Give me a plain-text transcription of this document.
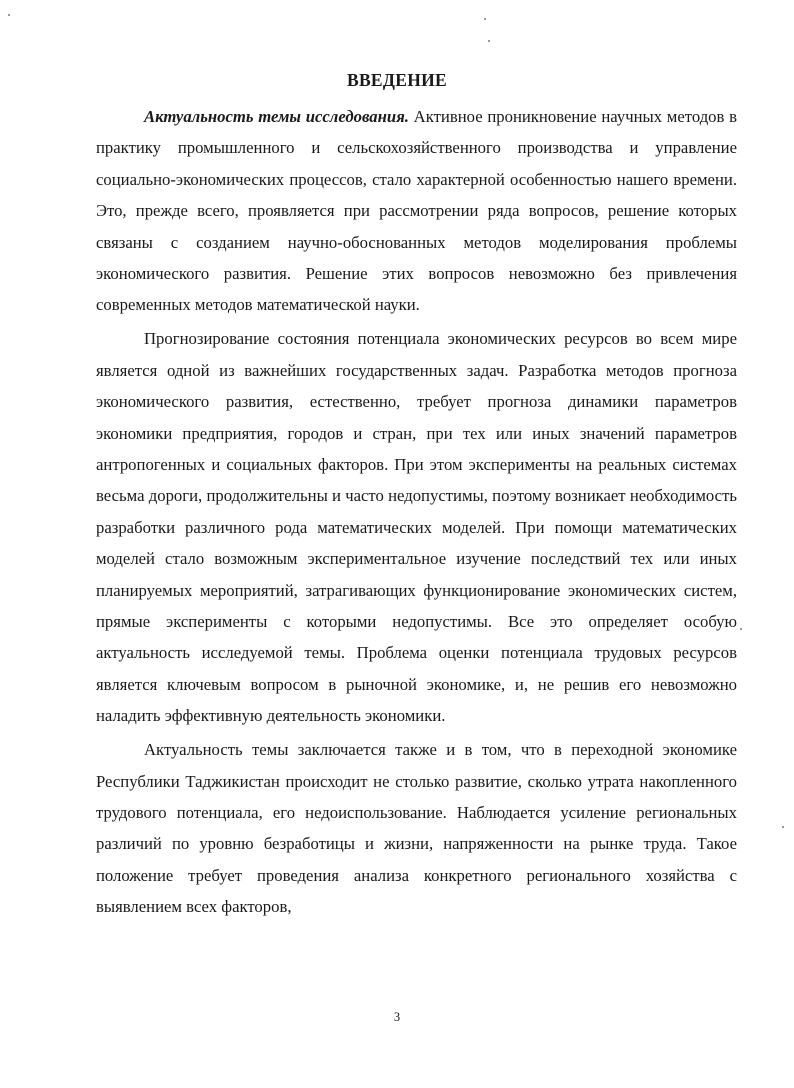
ВВЕДЕНИЕ

Актуальность темы исследования. Активное проникновение научных методов в практику промышленного и сельскохозяйственного производства и управление социально-экономических процессов, стало характерной особенностью нашего времени. Это, прежде всего, проявляется при рассмотрении ряда вопросов, решение которых связаны с созданием научно-обоснованных методов моделирования проблемы экономического развития. Решение этих вопросов невозможно без привлечения современных методов математической науки.

Прогнозирование состояния потенциала экономических ресурсов во всем мире является одной из важнейших государственных задач. Разработка методов прогноза экономического развития, естественно, требует прогноза динамики параметров экономики предприятия, городов и стран, при тех или иных значений параметров антропогенных и социальных факторов. При этом эксперименты на реальных системах весьма дороги, продолжительны и часто недопустимы, поэтому возникает необходимость разработки различного рода математических моделей. При помощи математических моделей стало возможным экспериментальное изучение последствий тех или иных планируемых мероприятий, затрагивающих функционирование экономических систем, прямые эксперименты с которыми недопустимы. Все это определяет особую актуальность исследуемой темы. Проблема оценки потенциала трудовых ресурсов является ключевым вопросом в рыночной экономике, и, не решив его невозможно наладить эффективную деятельность экономики.

Актуальность темы заключается также и в том, что в переходной экономике Республики Таджикистан происходит не столько развитие, сколько утрата накопленного трудового потенциала, его недоиспользование. Наблюдается усиление региональных различий по уровню безработицы и жизни, напряженности на рынке труда. Такое положение требует проведения анализа конкретного регионального хозяйства с выявлением всех факторов,

3
